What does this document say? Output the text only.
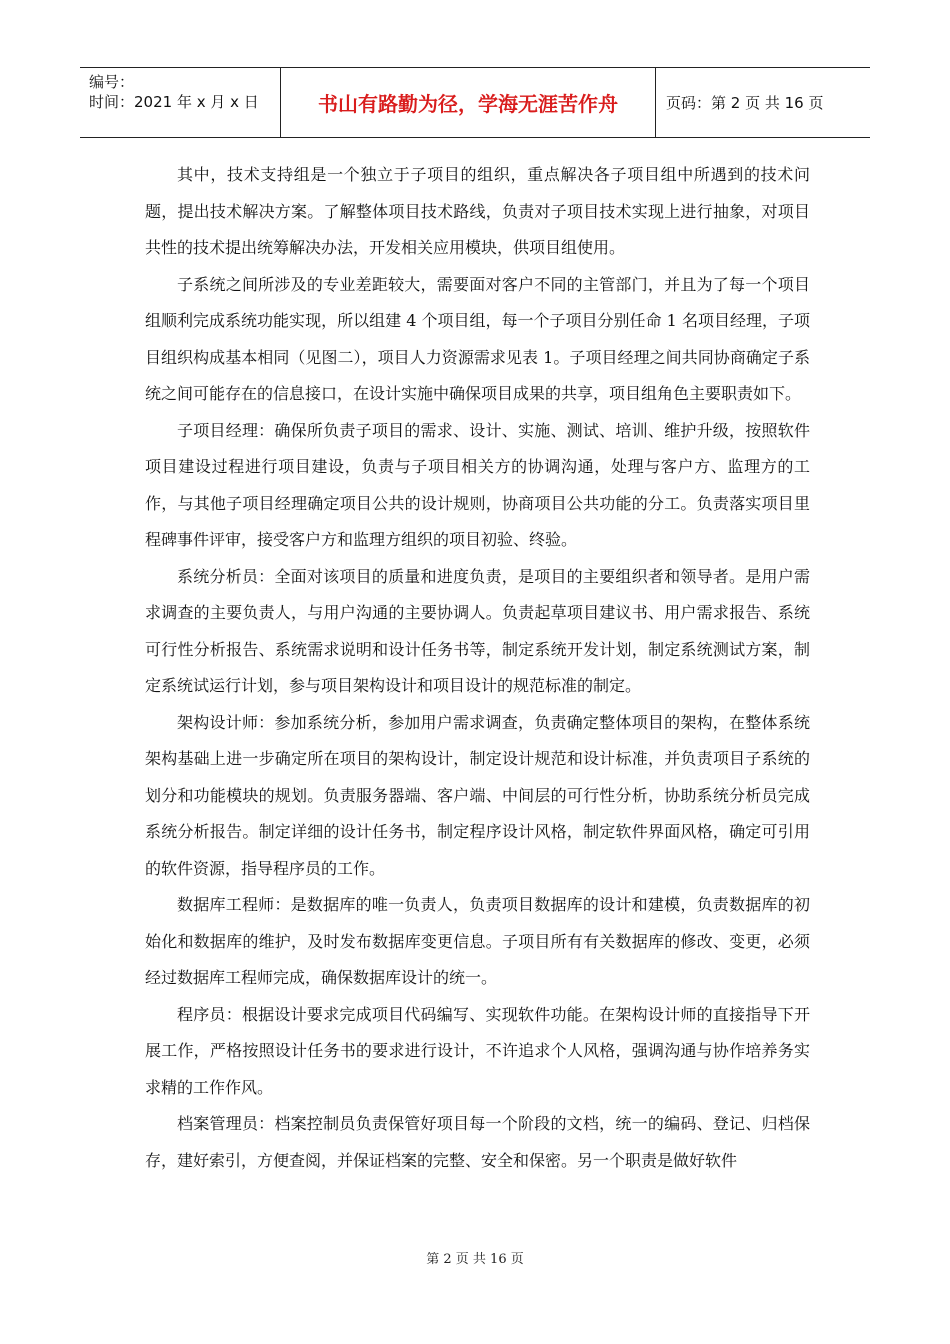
编号：
时间：2021 年 x 月 x 日	书山有路勤为径，学海无涯苦作舟	页码：第 2 页 共 16 页

其中，技术支持组是一个独立于子项目的组织，重点解决各子项目组中所遇到的技术问题，提出技术解决方案。了解整体项目技术路线，负责对子项目技术实现上进行抽象，对项目共性的技术提出统筹解决办法，开发相关应用模块，供项目组使用。

子系统之间所涉及的专业差距较大，需要面对客户不同的主管部门，并且为了每一个项目组顺利完成系统功能实现，所以组建 4 个项目组，每一个子项目分别任命 1 名项目经理，子项目组织构成基本相同（见图二），项目人力资源需求见表 1。子项目经理之间共同协商确定子系统之间可能存在的信息接口，在设计实施中确保项目成果的共享，项目组角色主要职责如下。

子项目经理：确保所负责子项目的需求、设计、实施、测试、培训、维护升级，按照软件项目建设过程进行项目建设，负责与子项目相关方的协调沟通，处理与客户方、监理方的工作，与其他子项目经理确定项目公共的设计规则，协商项目公共功能的分工。负责落实项目里程碑事件评审，接受客户方和监理方组织的项目初验、终验。

系统分析员：全面对该项目的质量和进度负责，是项目的主要组织者和领导者。是用户需求调查的主要负责人，与用户沟通的主要协调人。负责起草项目建议书、用户需求报告、系统可行性分析报告、系统需求说明和设计任务书等，制定系统开发计划，制定系统测试方案，制定系统试运行计划，参与项目架构设计和项目设计的规范标准的制定。

架构设计师：参加系统分析，参加用户需求调查，负责确定整体项目的架构，在整体系统架构基础上进一步确定所在项目的架构设计，制定设计规范和设计标准，并负责项目子系统的划分和功能模块的规划。负责服务器端、客户端、中间层的可行性分析，协助系统分析员完成系统分析报告。制定详细的设计任务书，制定程序设计风格，制定软件界面风格，确定可引用的软件资源，指导程序员的工作。

数据库工程师：是数据库的唯一负责人，负责项目数据库的设计和建模，负责数据库的初始化和数据库的维护，及时发布数据库变更信息。子项目所有有关数据库的修改、变更，必须经过数据库工程师完成，确保数据库设计的统一。

程序员：根据设计要求完成项目代码编写、实现软件功能。在架构设计师的直接指导下开展工作，严格按照设计任务书的要求进行设计，不许追求个人风格，强调沟通与协作培养务实求精的工作作风。

档案管理员：档案控制员负责保管好项目每一个阶段的文档，统一的编码、登记、归档保存，建好索引，方便查阅，并保证档案的完整、安全和保密。另一个职责是做好软件

第 2 页 共 16 页
